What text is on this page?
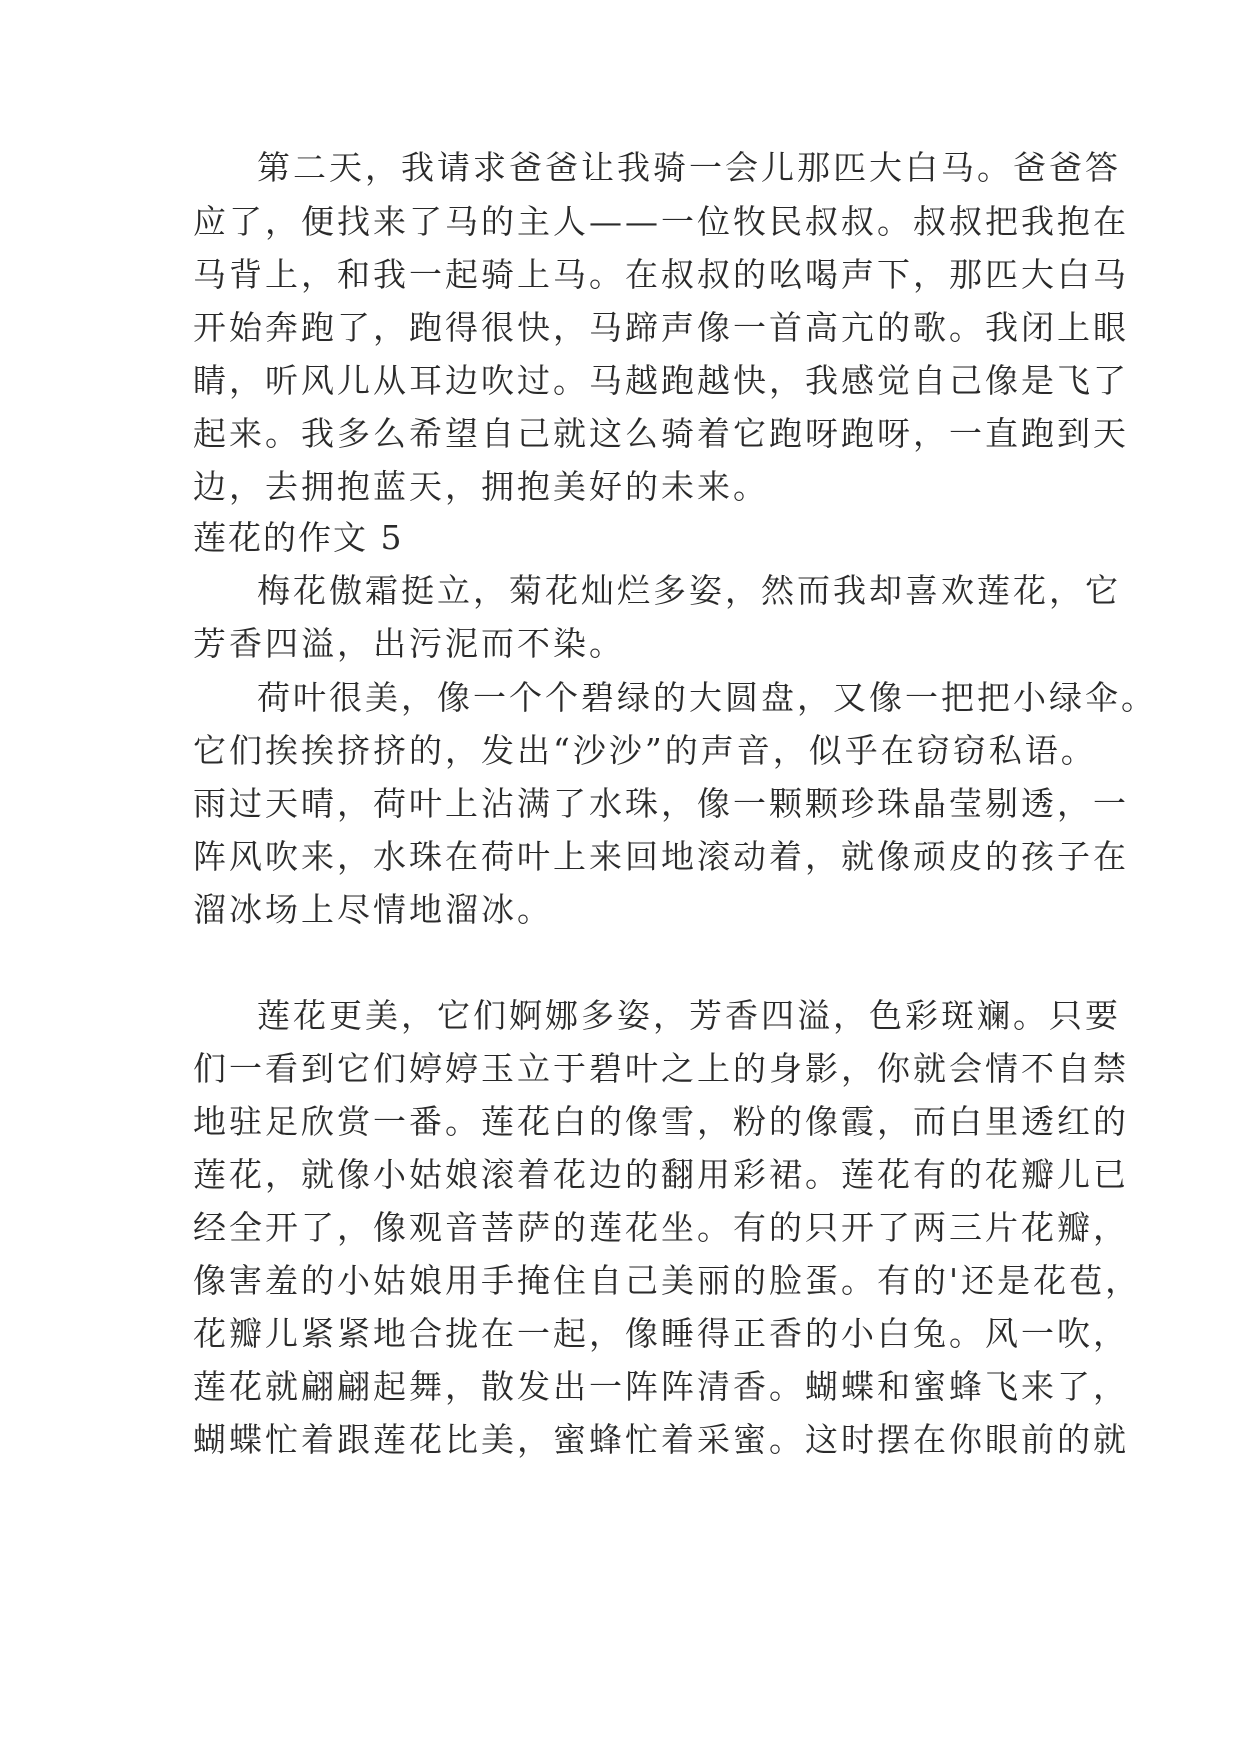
第二天，我请求爸爸让我骑一会儿那匹大白马。爸爸答
应了，便找来了马的主人——一位牧民叔叔。叔叔把我抱在
马背上，和我一起骑上马。在叔叔的吆喝声下，那匹大白马
开始奔跑了，跑得很快，马蹄声像一首高亢的歌。我闭上眼
睛，听风儿从耳边吹过。马越跑越快，我感觉自己像是飞了
起来。我多么希望自己就这么骑着它跑呀跑呀，一直跑到天
边，去拥抱蓝天，拥抱美好的未来。
莲花的作文 5
梅花傲霜挺立，菊花灿烂多姿，然而我却喜欢莲花，它
芳香四溢，出污泥而不染。
荷叶很美，像一个个碧绿的大圆盘，又像一把把小绿伞。
它们挨挨挤挤的，发出“沙沙”的声音，似乎在窃窃私语。
雨过天晴，荷叶上沾满了水珠，像一颗颗珍珠晶莹剔透，一
阵风吹来，水珠在荷叶上来回地滚动着，就像顽皮的孩子在
溜冰场上尽情地溜冰。
莲花更美，它们婀娜多姿，芳香四溢，色彩斑斓。只要
们一看到它们婷婷玉立于碧叶之上的身影，你就会情不自禁
地驻足欣赏一番。莲花白的像雪，粉的像霞，而白里透红的
莲花，就像小姑娘滚着花边的翻用彩裙。莲花有的花瓣儿已
经全开了，像观音菩萨的莲花坐。有的只开了两三片花瓣，
像害羞的小姑娘用手掩住自己美丽的脸蛋。有的'还是花苞，
花瓣儿紧紧地合拢在一起，像睡得正香的小白兔。风一吹，
莲花就翩翩起舞，散发出一阵阵清香。蝴蝶和蜜蜂飞来了，
蝴蝶忙着跟莲花比美，蜜蜂忙着采蜜。这时摆在你眼前的就
